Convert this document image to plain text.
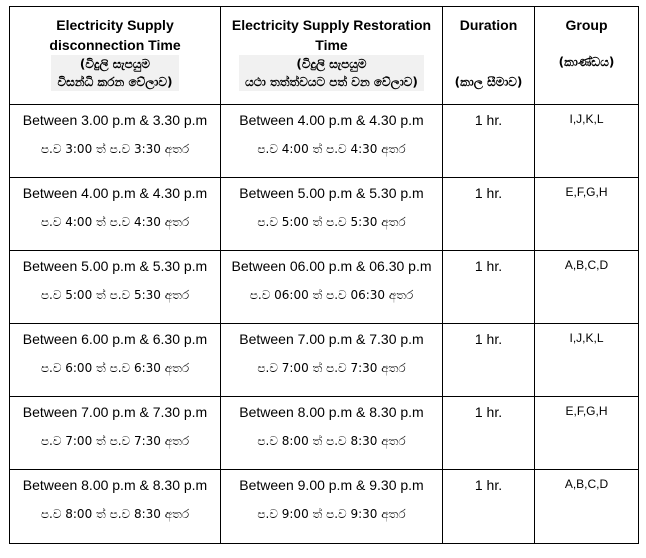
Electricity Supply
disconnection Time
(විදුලි සැපයුම
විසන්ධි කරන වේලාව)	Electricity Supply Restoration
Time
(විදුලි සැපයුම
යථා තත්ත්වයට පත් වන වේලාව)	Duration
(කාල සීමාව)	Group
(කාණ්ඩය)

Between 3.00 p.m & 3.30 p.m
ප.ව 3:00 ත් ප.ව 3:30 අතර	Between 4.00 p.m & 4.30 p.m
ප.ව 4:00 ත් ප.ව 4:30 අතර	1 hr.	I,J,K,L

Between 4.00 p.m & 4.30 p.m
ප.ව 4:00 ත් ප.ව 4:30 අතර	Between 5.00 p.m & 5.30 p.m
ප.ව 5:00 ත් ප.ව 5:30 අතර	1 hr.	E,F,G,H

Between 5.00 p.m & 5.30 p.m
ප.ව 5:00 ත් ප.ව 5:30 අතර	Between 06.00 p.m & 06.30 p.m
ප.ව 06:00 ත් ප.ව 06:30 අතර	1 hr.	A,B,C,D

Between 6.00 p.m & 6.30 p.m
ප.ව 6:00 ත් ප.ව 6:30 අතර	Between 7.00 p.m & 7.30 p.m
ප.ව 7:00 ත් ප.ව 7:30 අතර	1 hr.	I,J,K,L

Between 7.00 p.m & 7.30 p.m
ප.ව 7:00 ත් ප.ව 7:30 අතර	Between 8.00 p.m & 8.30 p.m
ප.ව 8:00 ත් ප.ව 8:30 අතර	1 hr.	E,F,G,H

Between 8.00 p.m & 8.30 p.m
ප.ව 8:00 ත් ප.ව 8:30 අතර	Between 9.00 p.m & 9.30 p.m
ප.ව 9:00 ත් ප.ව 9:30 අතර	1 hr.	A,B,C,D
